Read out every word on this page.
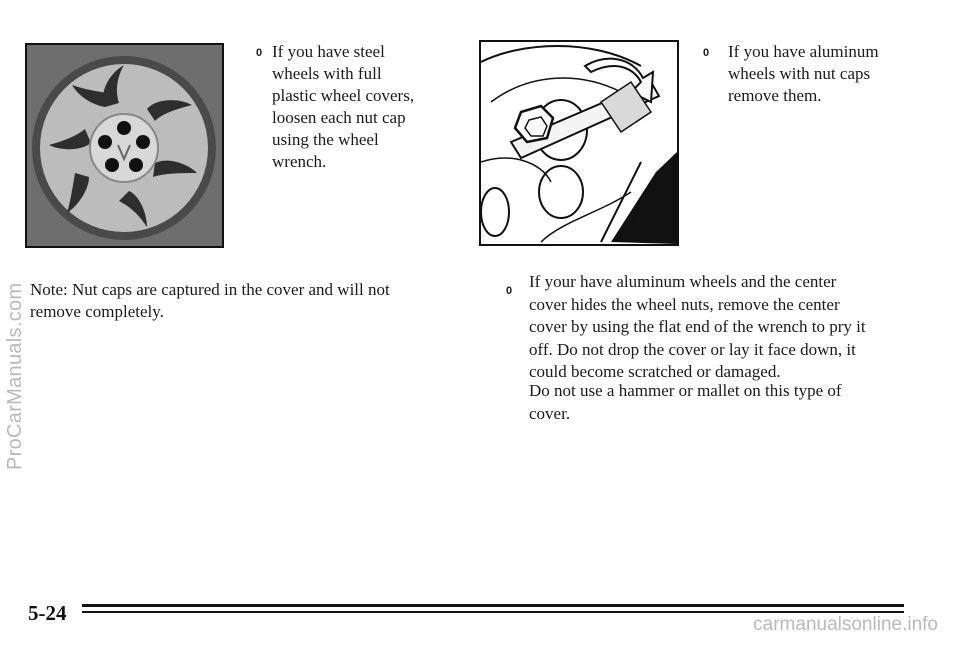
0 If you have steel
wheels with full
plastic wheel covers,
loosen each nut cap
using the wheel
wrench.
0 If you have aluminum
wheels with nut caps
remove them.
Note: Nut caps are captured in the cover and will not
remove completely.
0 If your have aluminum wheels and the center
cover hides the wheel nuts, remove the center
cover by using the flat end of the wrench to pry it
off. Do not drop the cover or lay it face down, it
could become scratched or damaged.
Do not use a hammer or mallet on this type of
cover.
5-24
ProCarManuals.com
carmanualsonline.info
